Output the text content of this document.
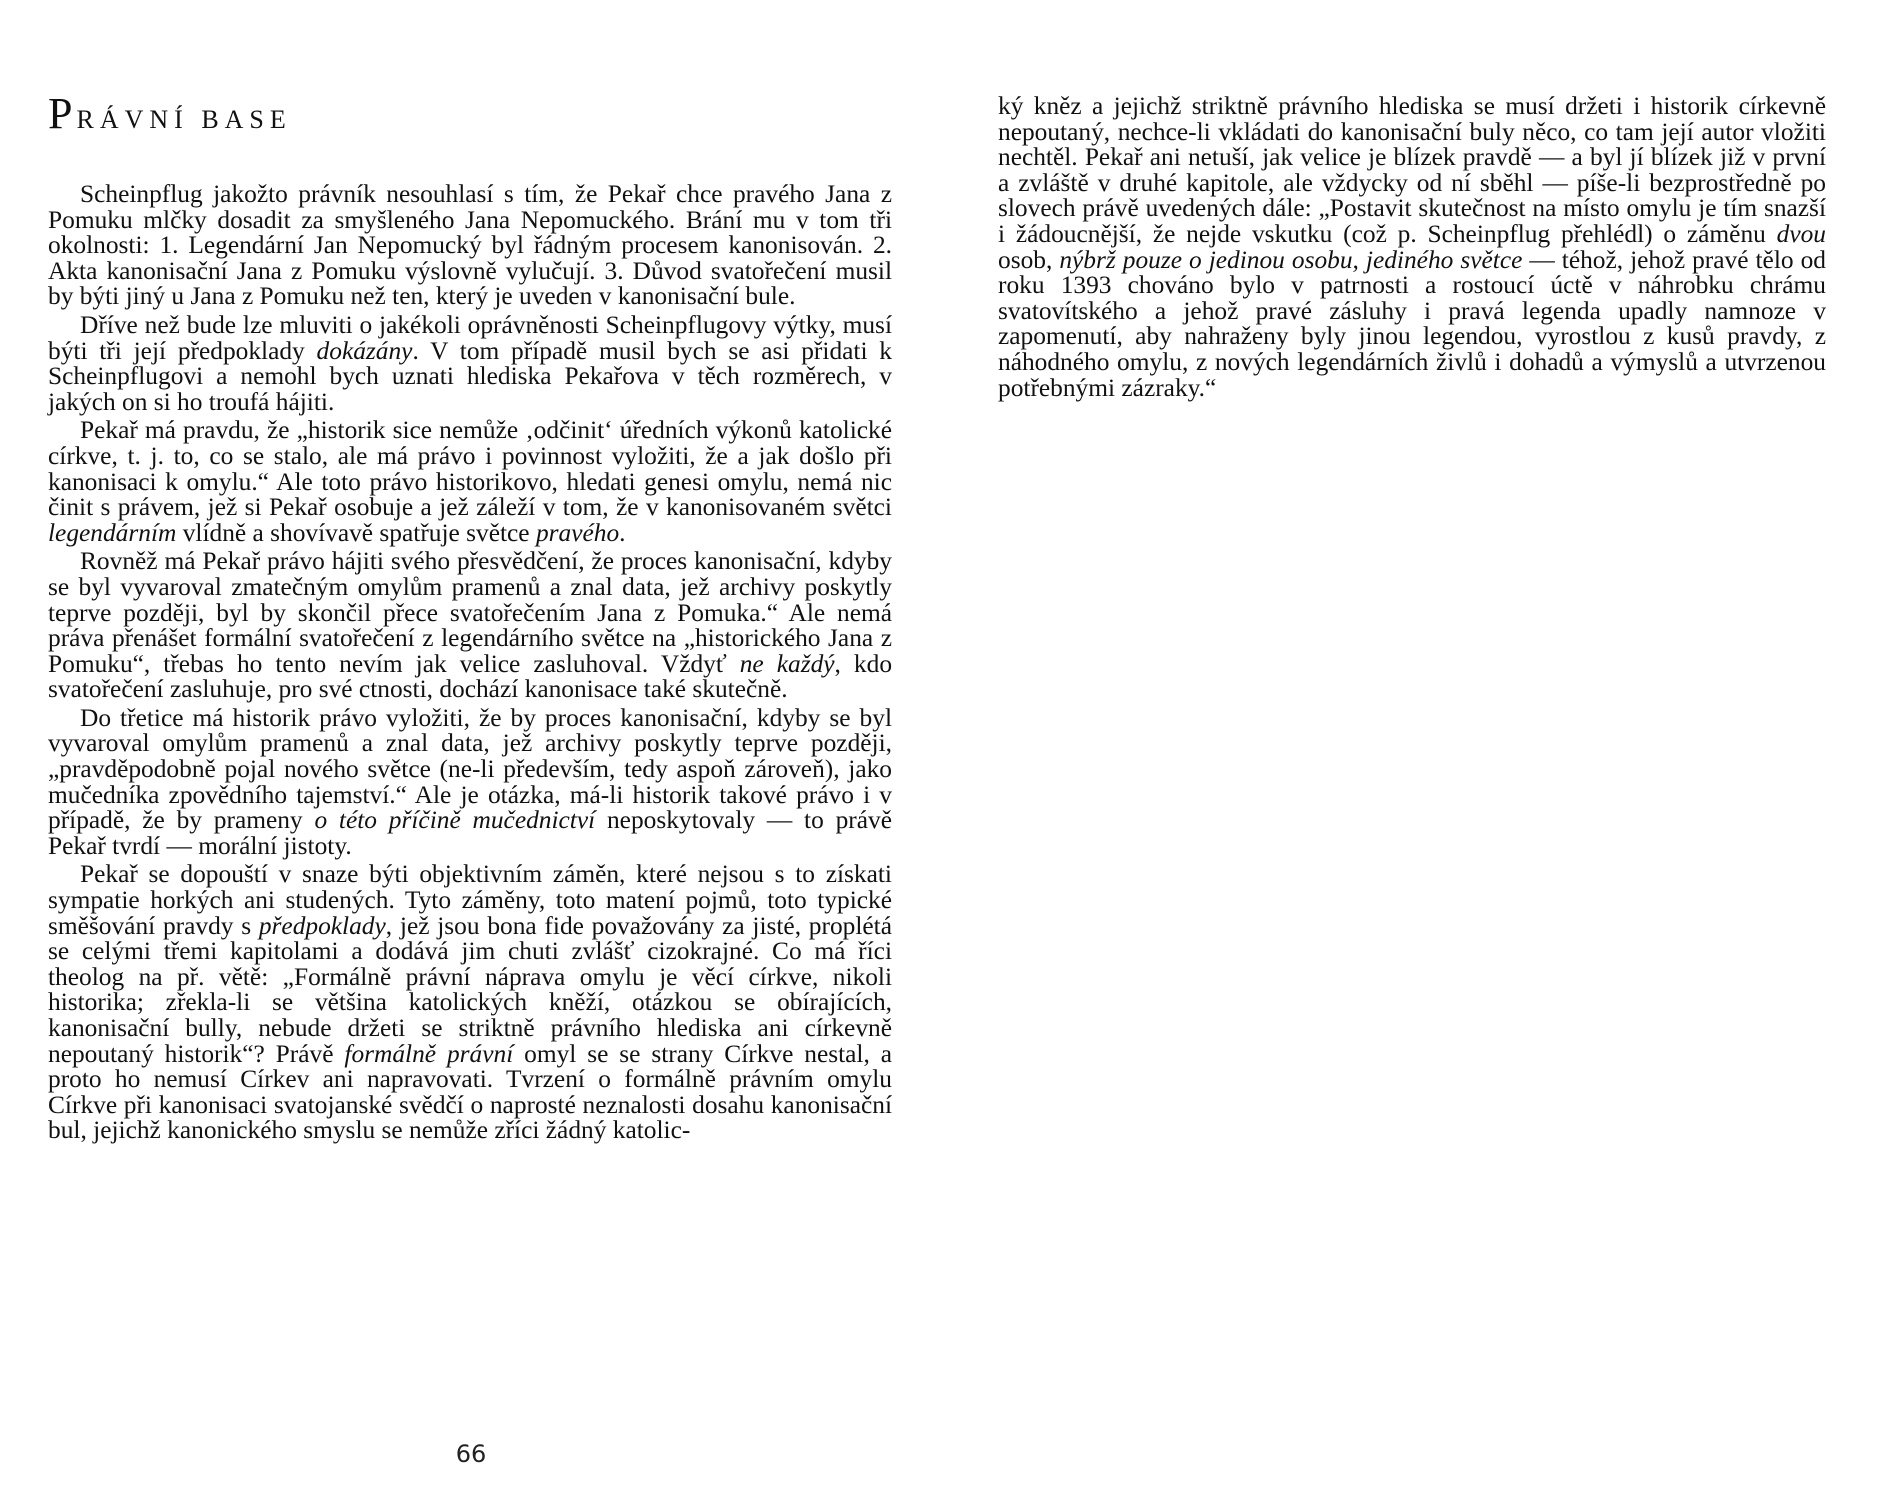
PRÁVNÍ BASE

Scheinpflug jakožto právník nesouhlasí s tím, že Pekař chce pravého Jana z Pomuku mlčky dosadit za smyšleného Jana Nepomuckého. Brání mu v tom tři okolnosti: 1. Legendární Jan Nepomucký byl řádným procesem kanonisován. 2. Akta kanonisační Jana z Pomuku výslovně vylučují. 3. Důvod svatořečení musil by býti jiný u Jana z Pomuku než ten, který je uveden v kanonisační bule.

Dříve než bude lze mluviti o jakékoli oprávněnosti Scheinpflugovy výtky, musí býti tři její předpoklady dokázány. V tom případě musil bych se asi přidati k Scheinpflugovi a nemohl bych uznati hlediska Pekařova v těch rozměrech, v jakých on si ho troufá hájiti.

Pekař má pravdu, že „historik sice nemůže ‚odčinit‘ úředních výkonů katolické církve, t. j. to, co se stalo, ale má právo i povinnost vyložiti, že a jak došlo při kanonisaci k omylu.“ Ale toto právo historikovo, hledati genesi omylu, nemá nic činit s právem, jež si Pekař osobuje a jež záleží v tom, že v kanonisovaném světci legendárním vlídně a shovívavě spatřuje světce pravého.

Rovněž má Pekař právo hájiti svého přesvědčení, že proces kanonisační, kdyby se byl vyvaroval zmatečným omylům pramenů a znal data, jež archivy poskytly teprve později, byl by skončil přece svatořečením Jana z Pomuka.“ Ale nemá práva přenášet formální svatořečení z legendárního světce na „historického Jana z Pomuku“, třebas ho tento nevím jak velice zasluhoval. Vždyť ne každý, kdo svatořečení zasluhuje, pro své ctnosti, dochází kanonisace také skutečně.

Do třetice má historik právo vyložiti, že by proces kanonisační, kdyby se byl vyvaroval omylům pramenů a znal data, jež archivy poskytly teprve později, „pravděpodobně pojal nového světce (ne-li především, tedy aspoň zároveň), jako mučedníka zpovědního tajemství.“ Ale je otázka, má-li historik takové právo i v případě, že by prameny o této příčině mučednictví neposkytovaly — to právě Pekař tvrdí — morální jistoty.

Pekař se dopouští v snaze býti objektivním záměn, které nejsou s to získati sympatie horkých ani studených. Tyto záměny, toto matení pojmů, toto typické směšování pravdy s předpoklady, jež jsou bona fide považovány za jisté, proplétá se celými třemi kapitolami a dodává jim chuti zvlášť cizokrajné. Co má říci theolog na př. větě: „Formálně právní náprava omylu je věcí církve, nikoli historika; zřekla-li se většina katolických kněží, otázkou se obírajících, kanonisační bully, nebude držeti se striktně právního hlediska ani církevně nepoutaný historik“? Právě formálně právní omyl se se strany Církve nestal, a proto ho nemusí Církev ani napravovati. Tvrzení o formálně právním omylu Církve při kanonisaci svatojanské svědčí o naprosté neznalosti dosahu kanonisační bul, jejichž kanonického smyslu se nemůže zříci žádný katolic-

66

ký kněz a jejichž striktně právního hlediska se musí držeti i historik církevně nepoutaný, nechce-li vkládati do kanonisační buly něco, co tam její autor vložiti nechtěl. Pekař ani netuší, jak velice je blízek pravdě — a byl jí blízek již v první a zvláště v druhé kapitole, ale vždycky od ní sběhl — píše-li bezprostředně po slovech právě uvedených dále: „Postavit skutečnost na místo omylu je tím snazší i žádoucnější, že nejde vskutku (což p. Scheinpflug přehlédl) o záměnu dvou osob, nýbrž pouze o jedinou osobu, jediného světce — téhož, jehož pravé tělo od roku 1393 chováno bylo v patrnosti a rostoucí úctě v náhrobku chrámu svatovítského a jehož pravé zásluhy i pravá legenda upadly namnoze v zapomenutí, aby nahraženy byly jinou legendou, vyrostlou z kusů pravdy, z náhodného omylu, z nových legendárních živlů i dohadů a výmyslů a utvrzenou potřebnými zázraky.“
